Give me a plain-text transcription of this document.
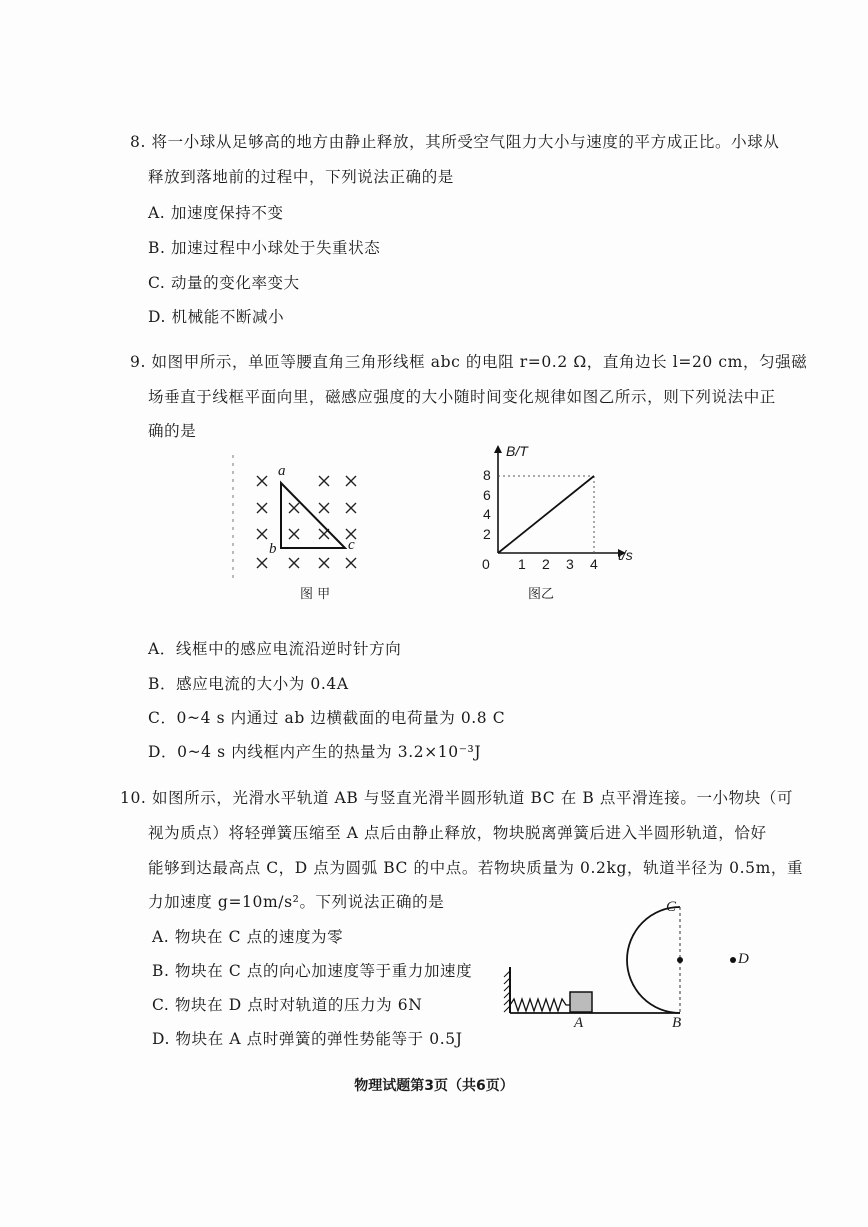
8. 将一小球从足够高的地方由静止释放，其所受空气阻力大小与速度的平方成正比。小球从
释放到落地前的过程中，下列说法正确的是
A. 加速度保持不变
B. 加速过程中小球处于失重状态
C. 动量的变化率变大
D. 机械能不断减小
9. 如图甲所示，单匝等腰直角三角形线框 abc 的电阻 r=0.2 Ω，直角边长 l=20 cm，匀强磁
场垂直于线框平面向里，磁感应强度的大小随时间变化规律如图乙所示，则下列说法中正
确的是
a
b	c
图 甲
B/T
t/s
0
2
4
6
8
1 2 3 4
图乙
A．线框中的感应电流沿逆时针方向
B．感应电流的大小为 0.4A
C．0~4 s 内通过 ab 边横截面的电荷量为 0.8 C
D．0~4 s 内线框内产生的热量为 3.2×10⁻³J
10. 如图所示，光滑水平轨道 AB 与竖直光滑半圆形轨道 BC 在 B 点平滑连接。一小物块（可
视为质点）将轻弹簧压缩至 A 点后由静止释放，物块脱离弹簧后进入半圆形轨道，恰好
能够到达最高点 C，D 点为圆弧 BC 的中点。若物块质量为 0.2kg，轨道半径为 0.5m，重
力加速度 g=10m/s²。下列说法正确的是
A. 物块在 C 点的速度为零
B. 物块在 C 点的向心加速度等于重力加速度
C. 物块在 D 点时对轨道的压力为 6N
D. 物块在 A 点时弹簧的弹性势能等于 0.5J
A	B
C
D
物理试题第3页（共6页）
